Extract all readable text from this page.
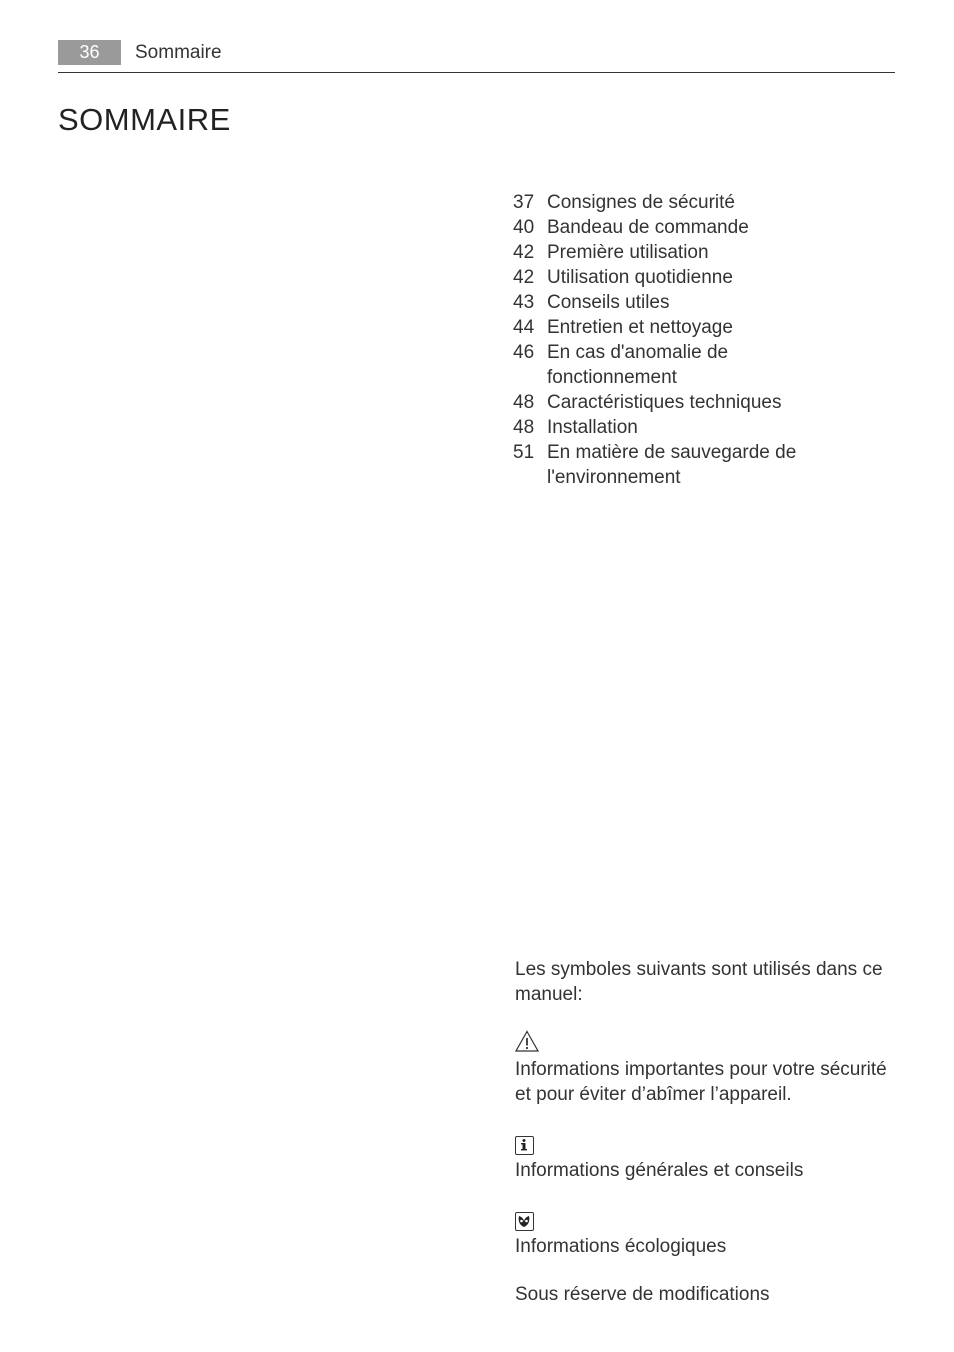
36	Sommaire
SOMMAIRE
37 Consignes de sécurité
40 Bandeau de commande
42 Première utilisation
42 Utilisation quotidienne
43 Conseils utiles
44 Entretien et nettoyage
46 En cas d'anomalie de fonctionnement
48 Caractéristiques techniques
48 Installation
51 En matière de sauvegarde de l'environnement

Les symboles suivants sont utilisés dans ce manuel:

Informations importantes pour votre sécurité et pour éviter d’abîmer l’appareil.

Informations générales et conseils

Informations écologiques

Sous réserve de modifications
